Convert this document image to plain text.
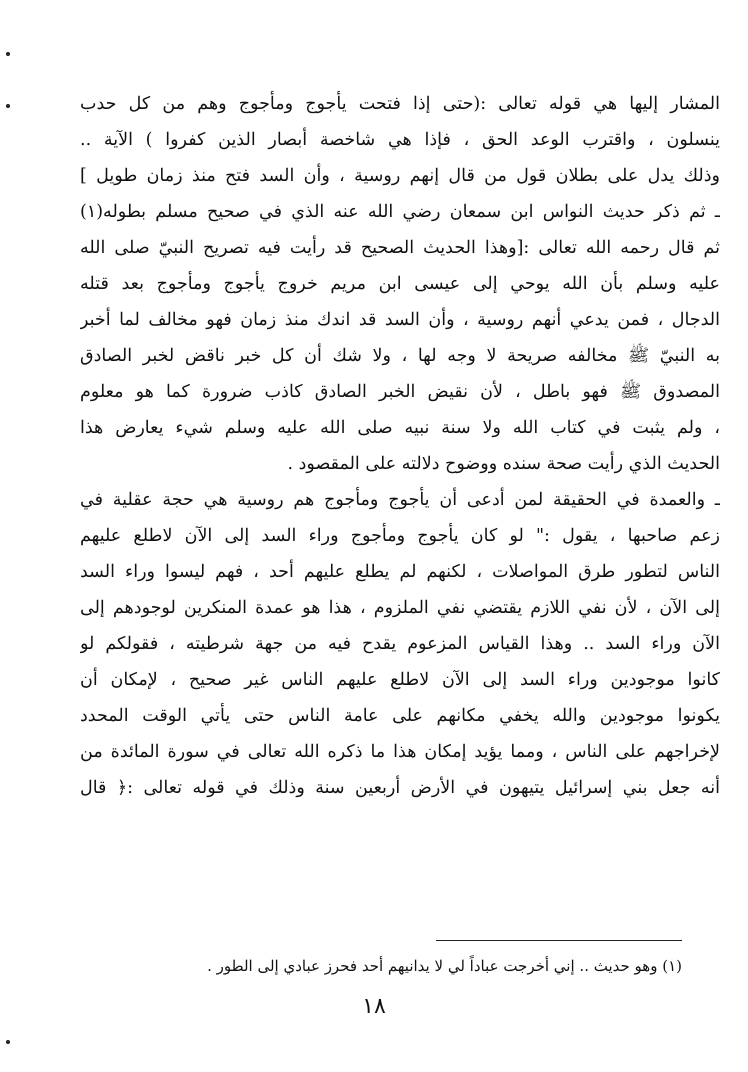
المشار إليها هي قوله تعالى :(حتى إذا فتحت يأجوج ومأجوج وهم من كل حدب
ينسلون ، واقترب الوعد الحق ، فإذا هي شاخصة أبصار الذين كفروا ) الآية ..
وذلك يدل على بطلان قول من قال إنهم روسية ، وأن السد فتح منذ زمان طويل ]
ـ ثم ذكر حديث النواس ابن سمعان رضي الله عنه الذي في صحيح مسلم بطوله(١)
ثم قال رحمه الله تعالى :[وهذا الحديث الصحيح قد رأيت فيه تصريح النبيّ صلى الله
عليه وسلم بأن الله يوحي إلى عيسى ابن مريم خروج يأجوج ومأجوج بعد قتله
الدجال ، فمن يدعي أنهم روسية ، وأن السد قد اندك منذ زمان فهو مخالف لما أخبر
به النبيّ ﷺ مخالفه صريحة لا وجه لها ، ولا شك أن كل خبر ناقض لخبر الصادق
المصدوق ﷺ فهو باطل ، لأن نقيض الخبر الصادق كاذب ضرورة كما هو معلوم
، ولم يثبت في كتاب الله ولا سنة نبيه صلى الله عليه وسلم شيء يعارض هذا
الحديث الذي رأيت صحة سنده ووضوح دلالته على المقصود .
ـ والعمدة في الحقيقة لمن أدعى أن يأجوج ومأجوج هم روسية هي حجة عقلية في
زعم صاحبها ، يقول :" لو كان يأجوج ومأجوج وراء السد إلى الآن لاطلع عليهم
الناس لتطور طرق المواصلات ، لكنهم لم يطلع عليهم أحد ، فهم ليسوا وراء السد
إلى الآن ، لأن نفي اللازم يقتضي نفي الملزوم ، هذا هو عمدة المنكرين لوجودهم إلى
الآن وراء السد .. وهذا القياس المزعوم يقدح فيه من جهة شرطيته ، فقولكم لو
كانوا موجودين وراء السد إلى الآن لاطلع عليهم الناس غير صحيح ، لإمكان أن
يكونوا موجودين والله يخفي مكانهم على عامة الناس حتى يأتي الوقت المحدد
لإخراجهم على الناس ، ومما يؤيد إمكان هذا ما ذكره الله تعالى في سورة المائدة من
أنه جعل بني إسرائيل يتيهون في الأرض أربعين سنة وذلك في قوله تعالى :﴿ قال
(١) وهو حديث .. إني أخرجت عباداً لي لا يدانيهم أحد فحرز عبادي إلى الطور .
١٨
